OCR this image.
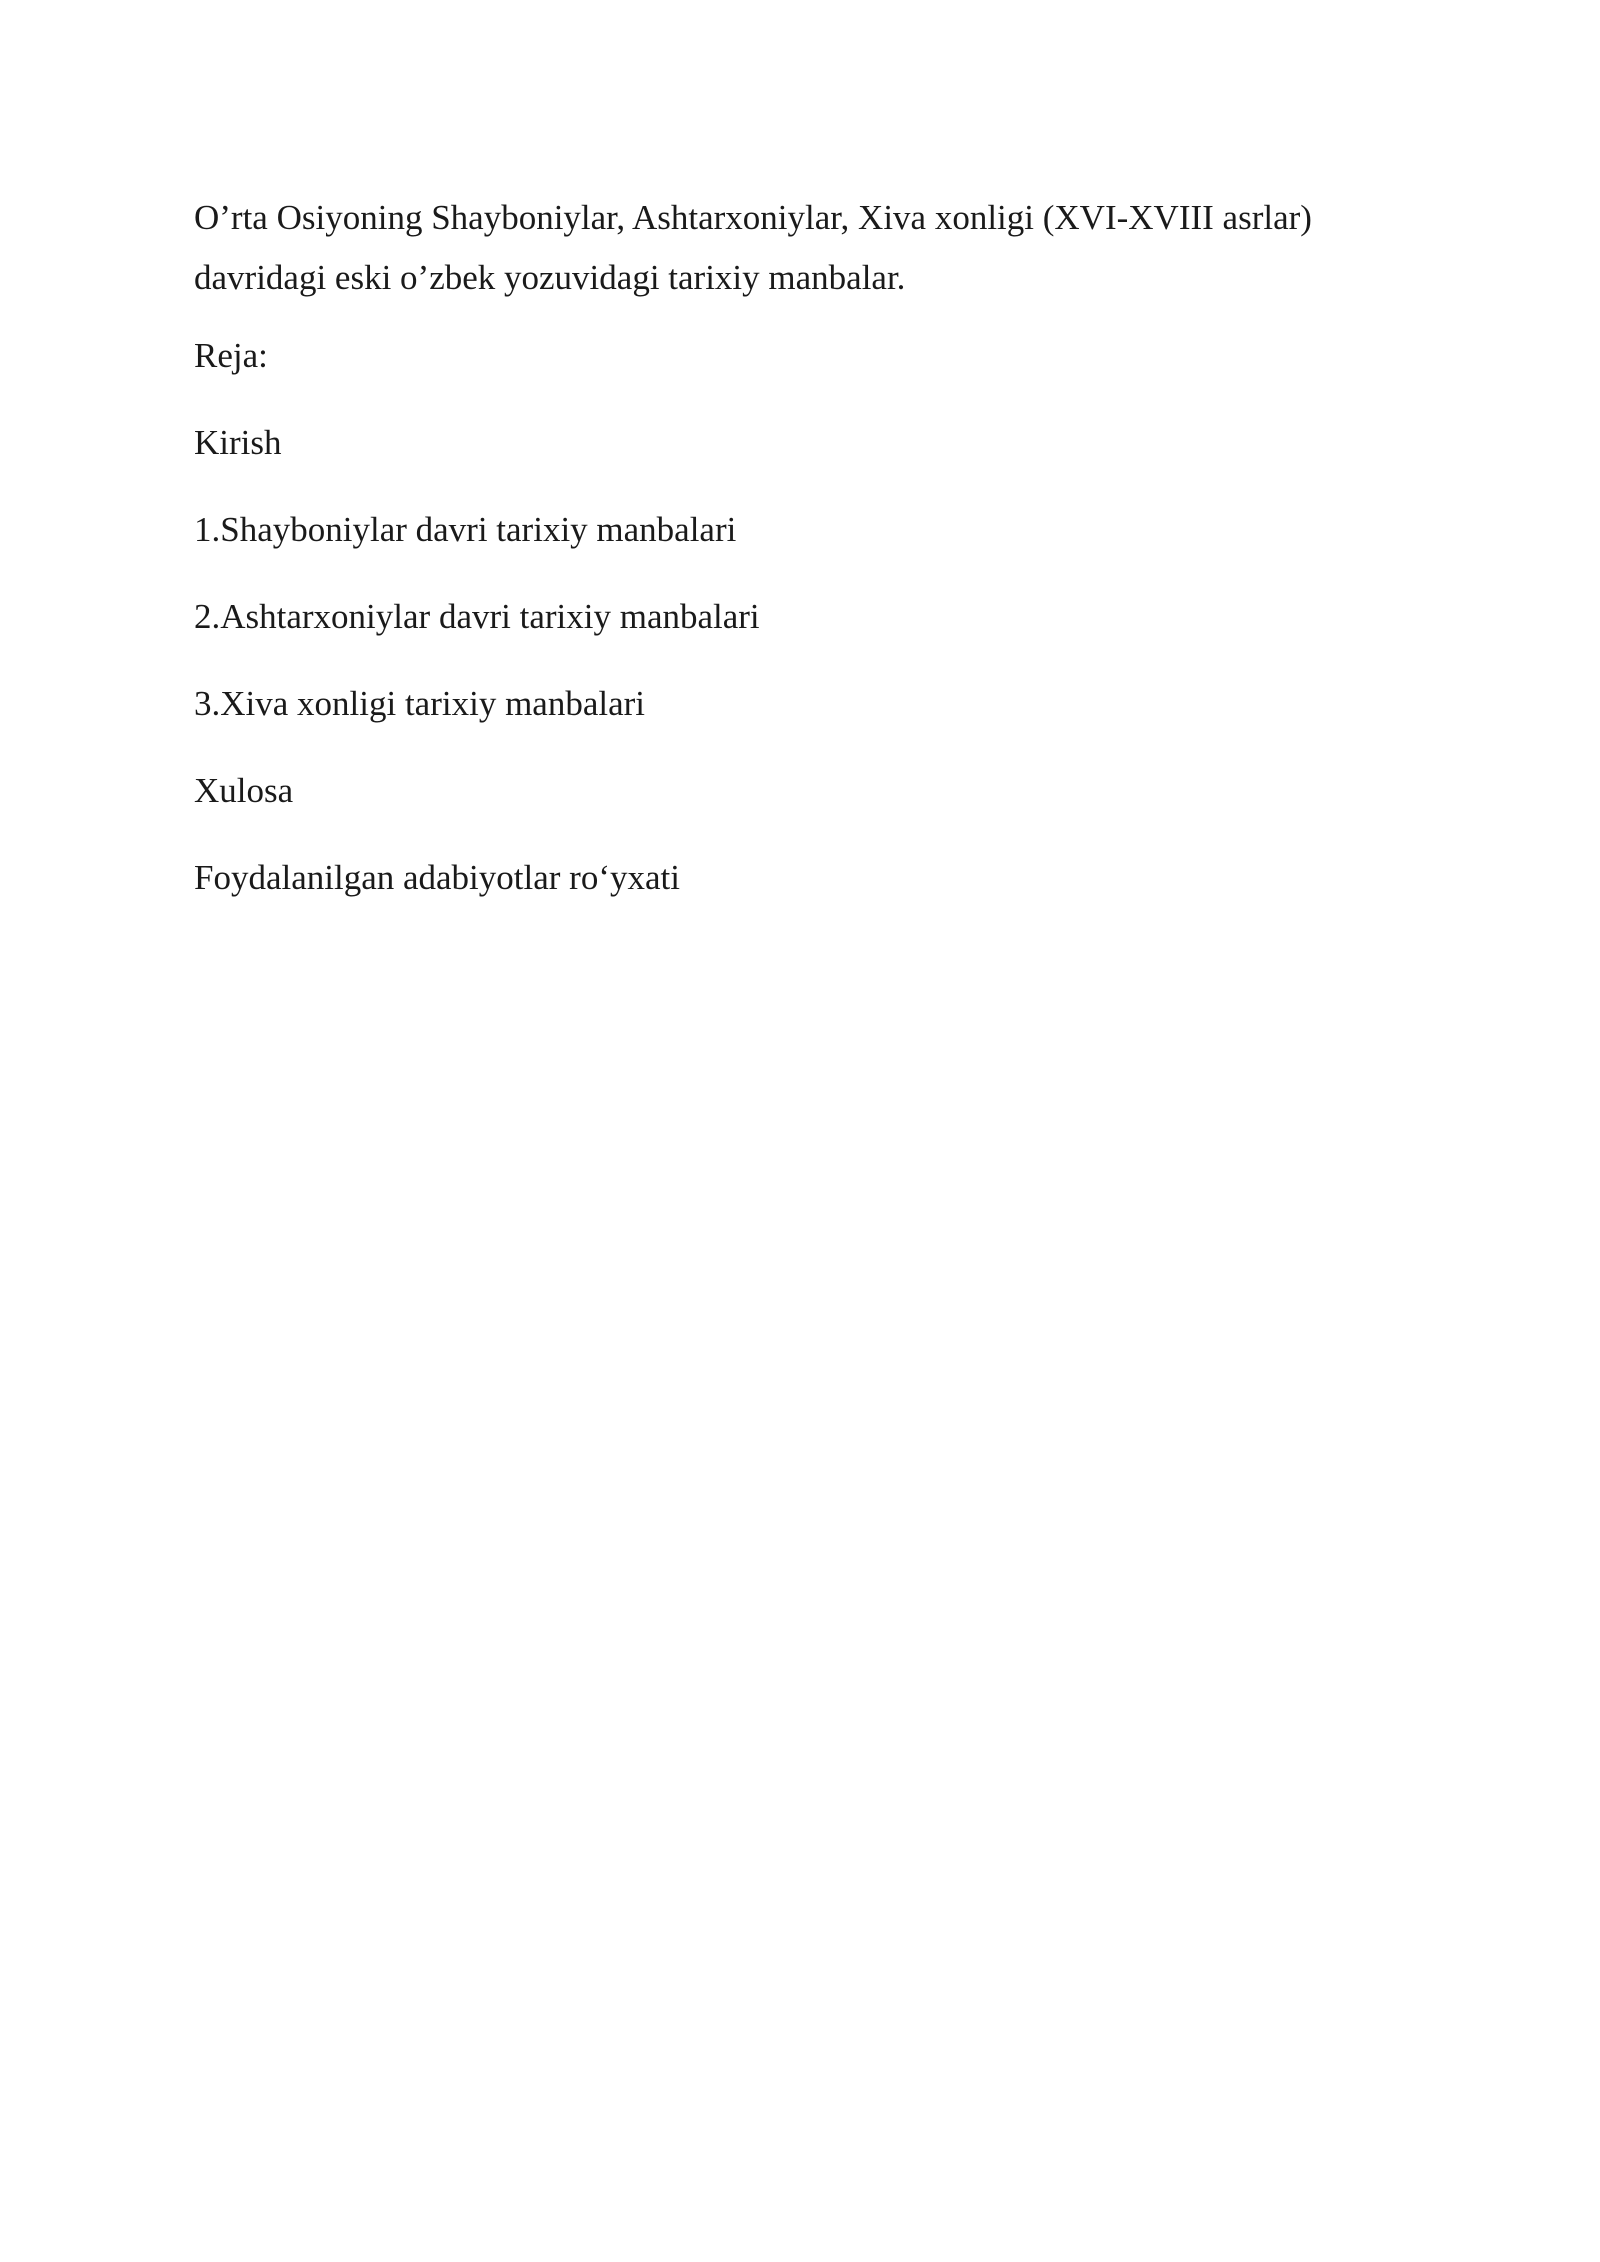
O’rta Osiyoning Shayboniylar, Ashtarxoniylar, Xiva xonligi (XVI-XVIII asrlar)
davridagi eski o’zbek yozuvidagi tarixiy manbalar.
Reja:
Kirish
1.Shayboniylar davri tarixiy manbalari
2.Ashtarxoniylar davri tarixiy manbalari
3.Xiva xonligi tarixiy manbalari
Xulosa
Foydalanilgan adabiyotlar ro‘yxati
